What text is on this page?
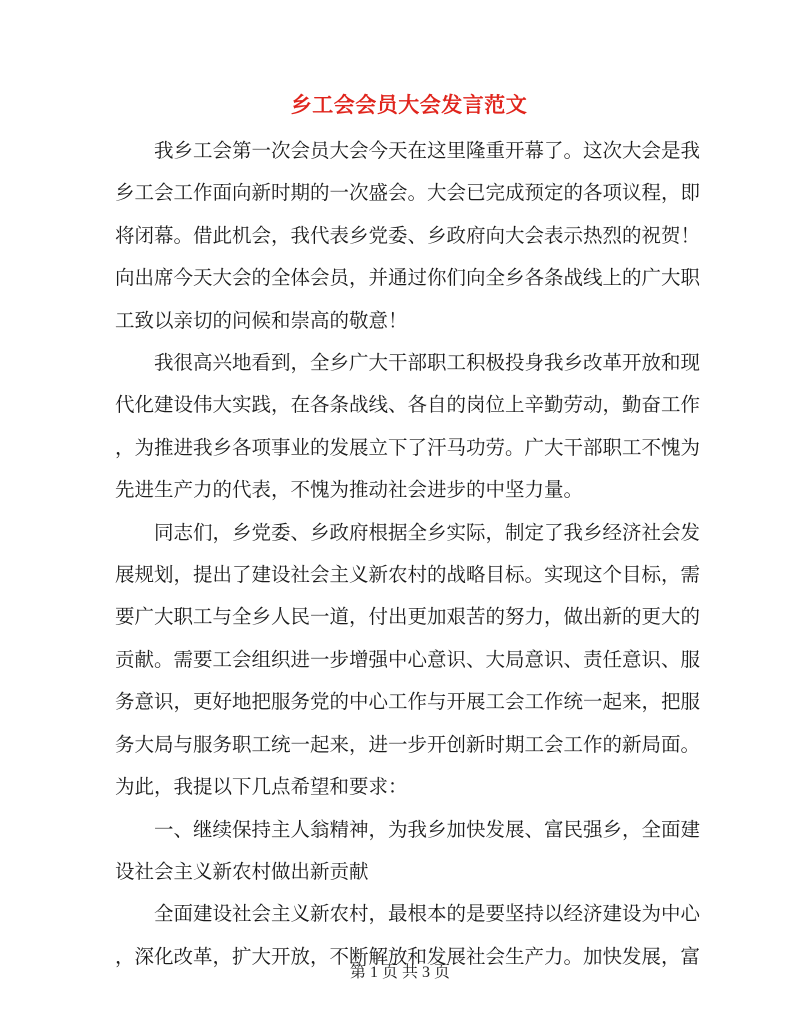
乡工会会员大会发言范文

我乡工会第一次会员大会今天在这里隆重开幕了。这次大会是我乡工会工作面向新时期的一次盛会。大会已完成预定的各项议程，即将闭幕。借此机会，我代表乡党委、乡政府向大会表示热烈的祝贺！向出席今天大会的全体会员，并通过你们向全乡各条战线上的广大职工致以亲切的问候和崇高的敬意！

我很高兴地看到，全乡广大干部职工积极投身我乡改革开放和现代化建设伟大实践，在各条战线、各自的岗位上辛勤劳动，勤奋工作，为推进我乡各项事业的发展立下了汗马功劳。广大干部职工不愧为先进生产力的代表，不愧为推动社会进步的中坚力量。

同志们，乡党委、乡政府根据全乡实际，制定了我乡经济社会发展规划，提出了建设社会主义新农村的战略目标。实现这个目标，需要广大职工与全乡人民一道，付出更加艰苦的努力，做出新的更大的贡献。需要工会组织进一步增强中心意识、大局意识、责任意识、服务意识，更好地把服务党的中心工作与开展工会工作统一起来，把服务大局与服务职工统一起来，进一步开创新时期工会工作的新局面。为此，我提以下几点希望和要求：

一、继续保持主人翁精神，为我乡加快发展、富民强乡，全面建设社会主义新农村做出新贡献

全面建设社会主义新农村，最根本的是要坚持以经济建设为中心，深化改革，扩大开放，不断解放和发展社会生产力。加快发展，富

第 1 页 共 3 页
